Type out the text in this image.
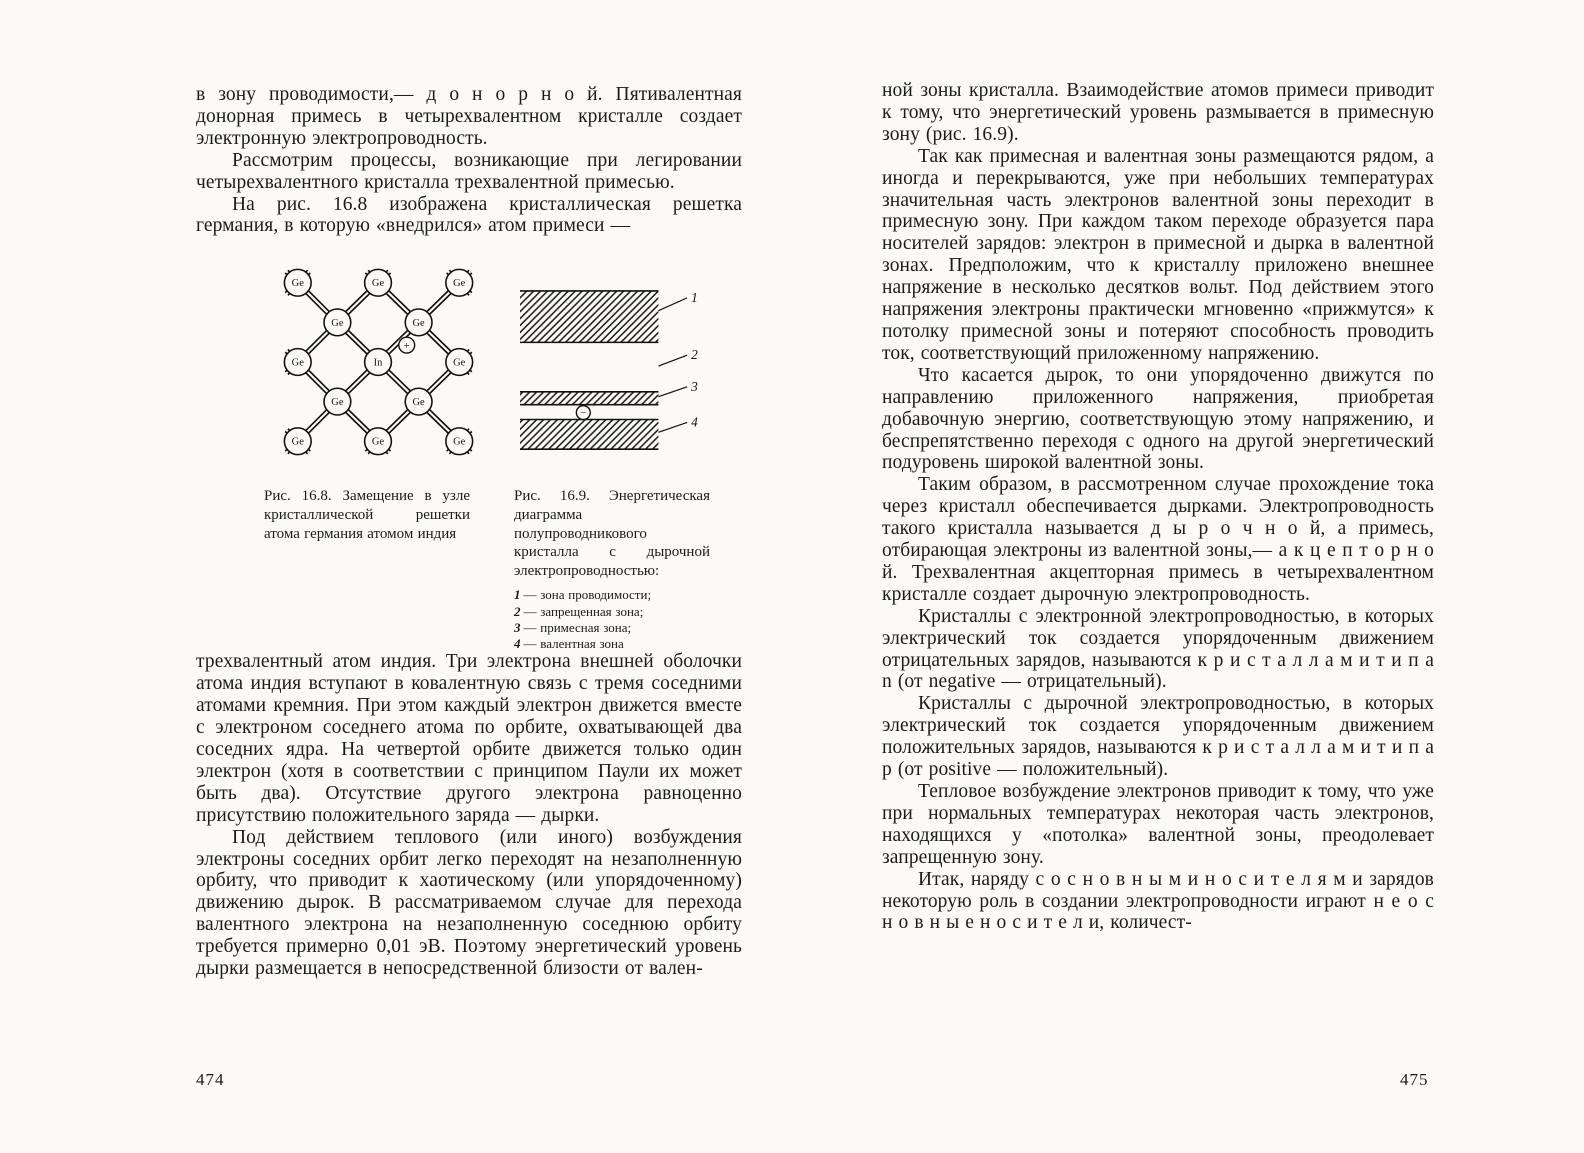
в зону проводимости,— д о н о р н о й. Пятивалентная донорная примесь в четырехвалентном кристалле создает электронную электропроводность.

Рассмотрим процессы, возникающие при легировании четырехвалентного кристалла трехвалентной примесью.

На рис. 16.8 изображена кристаллическая решетка германия, в которую «внедрился» атом примеси —

Ge	Ge	Ge
Ge	Ge
Ge	In	Ge
Ge	Ge
Ge	Ge	Ge
+
−
1
2
3
4
Рис. 16.8. Замещение в узле кристаллической решетки атома германия атомом индия
Рис. 16.9. Энергетическая диаграмма полупроводникового кристалла с дырочной электропроводностью:
1 — зона проводимости;
2 — запрещенная зона;
3 — примесная зона;
4 — валентная зона

трехвалентный атом индия. Три электрона внешней оболочки атома индия вступают в ковалентную связь с тремя соседними атомами кремния. При этом каждый электрон движется вместе с электроном соседнего атома по орбите, охватывающей два соседних ядра. На четвертой орбите движется только один электрон (хотя в соответствии с принципом Паули их может быть два). Отсутствие другого электрона равноценно присутствию положительного заряда — дырки.

Под действием теплового (или иного) возбуждения электроны соседних орбит легко переходят на незаполненную орбиту, что приводит к хаотическому (или упорядоченному) движению дырок. В рассматриваемом случае для перехода валентного электрона на незаполненную соседнюю орбиту требуется примерно 0,01 эВ. Поэтому энергетический уровень дырки размещается в непосредственной близости от вален-

ной зоны кристалла. Взаимодействие атомов примеси приводит к тому, что энергетический уровень размывается в примесную зону (рис. 16.9).

Так как примесная и валентная зоны размещаются рядом, а иногда и перекрываются, уже при небольших температурах значительная часть электронов валентной зоны переходит в примесную зону. При каждом таком переходе образуется пара носителей зарядов: электрон в примесной и дырка в валентной зонах. Предположим, что к кристаллу приложено внешнее напряжение в несколько десятков вольт. Под действием этого напряжения электроны практически мгновенно «прижмутся» к потолку примесной зоны и потеряют способность проводить ток, соответствующий приложенному напряжению.

Что касается дырок, то они упорядоченно движутся по направлению приложенного напряжения, приобретая добавочную энергию, соответствующую этому напряжению, и беспрепятственно переходя с одного на другой энергетический подуровень широкой валентной зоны.

Таким образом, в рассмотренном случае прохождение тока через кристалл обеспечивается дырками. Электропроводность такого кристалла называется д ы р о ч н о й, а примесь, отбирающая электроны из валентной зоны,— а к ц е п т о р н о й. Трехвалентная акцепторная примесь в четырехвалентном кристалле создает дырочную электропроводность.

Кристаллы с электронной электропроводностью, в которых электрический ток создается упорядоченным движением отрицательных зарядов, называются к р и с т а л л а м и т и п а n (от negative — отрицательный).

Кристаллы с дырочной электропроводностью, в которых электрический ток создается упорядоченным движением положительных зарядов, называются к р и с т а л л а м и т и п а p (от positive — положительный).

Тепловое возбуждение электронов приводит к тому, что уже при нормальных температурах некоторая часть электронов, находящихся у «потолка» валентной зоны, преодолевает запрещенную зону.

Итак, наряду с о с н о в н ы м и н о с и т е л я м и зарядов некоторую роль в создании электропроводности играют н е о с н о в н ы е н о с и т е л и, количест-

474	475
